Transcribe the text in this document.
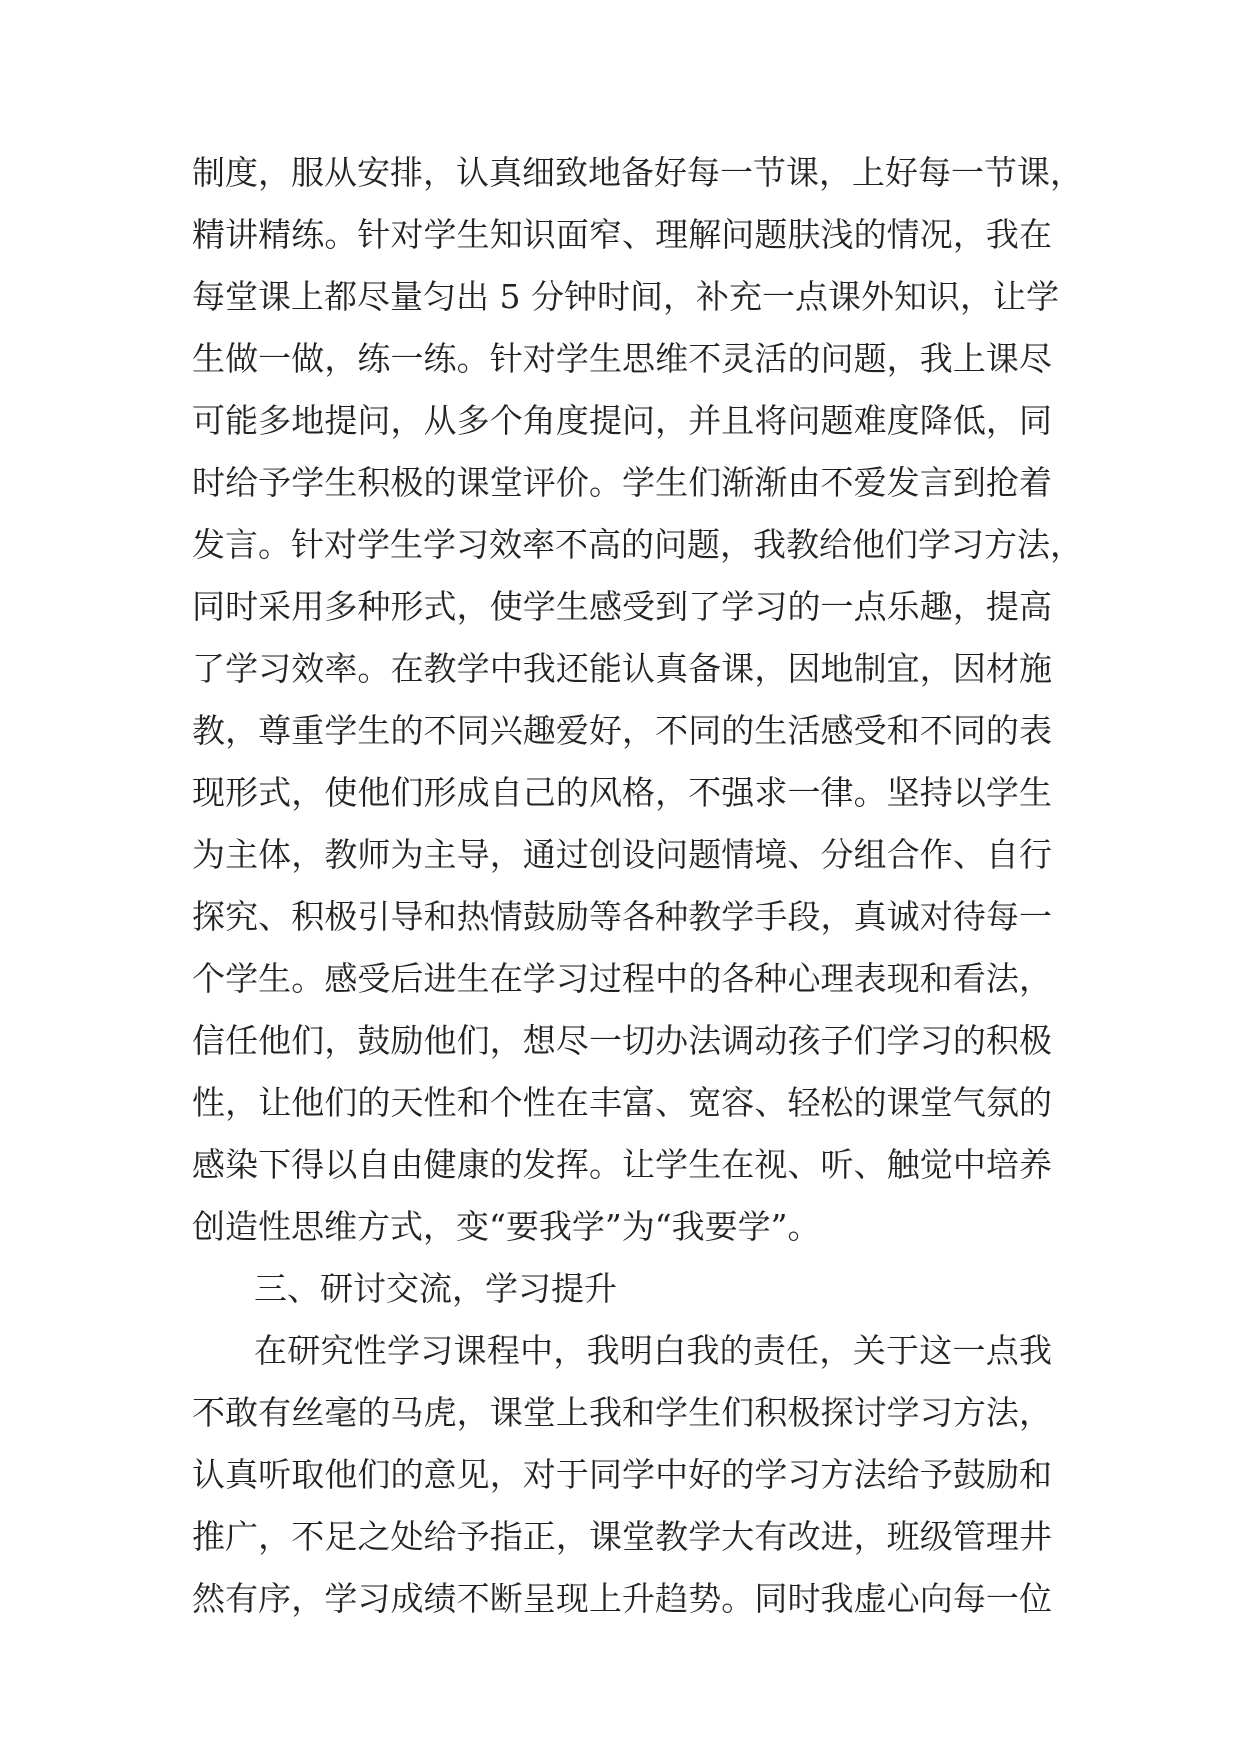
制度，服从安排，认真细致地备好每一节课，上好每一节课，
精讲精练。针对学生知识面窄、理解问题肤浅的情况，我在
每堂课上都尽量匀出 5 分钟时间，补充一点课外知识，让学
生做一做，练一练。针对学生思维不灵活的问题，我上课尽
可能多地提问，从多个角度提问，并且将问题难度降低，同
时给予学生积极的课堂评价。学生们渐渐由不爱发言到抢着
发言。针对学生学习效率不高的问题，我教给他们学习方法，
同时采用多种形式，使学生感受到了学习的一点乐趣，提高
了学习效率。在教学中我还能认真备课，因地制宜，因材施
教，尊重学生的不同兴趣爱好，不同的生活感受和不同的表
现形式，使他们形成自己的风格，不强求一律。坚持以学生
为主体，教师为主导，通过创设问题情境、分组合作、自行
探究、积极引导和热情鼓励等各种教学手段，真诚对待每一
个学生。感受后进生在学习过程中的各种心理表现和看法，
信任他们，鼓励他们，想尽一切办法调动孩子们学习的积极
性，让他们的天性和个性在丰富、宽容、轻松的课堂气氛的
感染下得以自由健康的发挥。让学生在视、听、触觉中培养
创造性思维方式，变“要我学”为“我要学”。
三、研讨交流，学习提升
在研究性学习课程中，我明白我的责任，关于这一点我
不敢有丝毫的马虎，课堂上我和学生们积极探讨学习方法，
认真听取他们的意见，对于同学中好的学习方法给予鼓励和
推广，不足之处给予指正，课堂教学大有改进，班级管理井
然有序，学习成绩不断呈现上升趋势。同时我虚心向每一位
